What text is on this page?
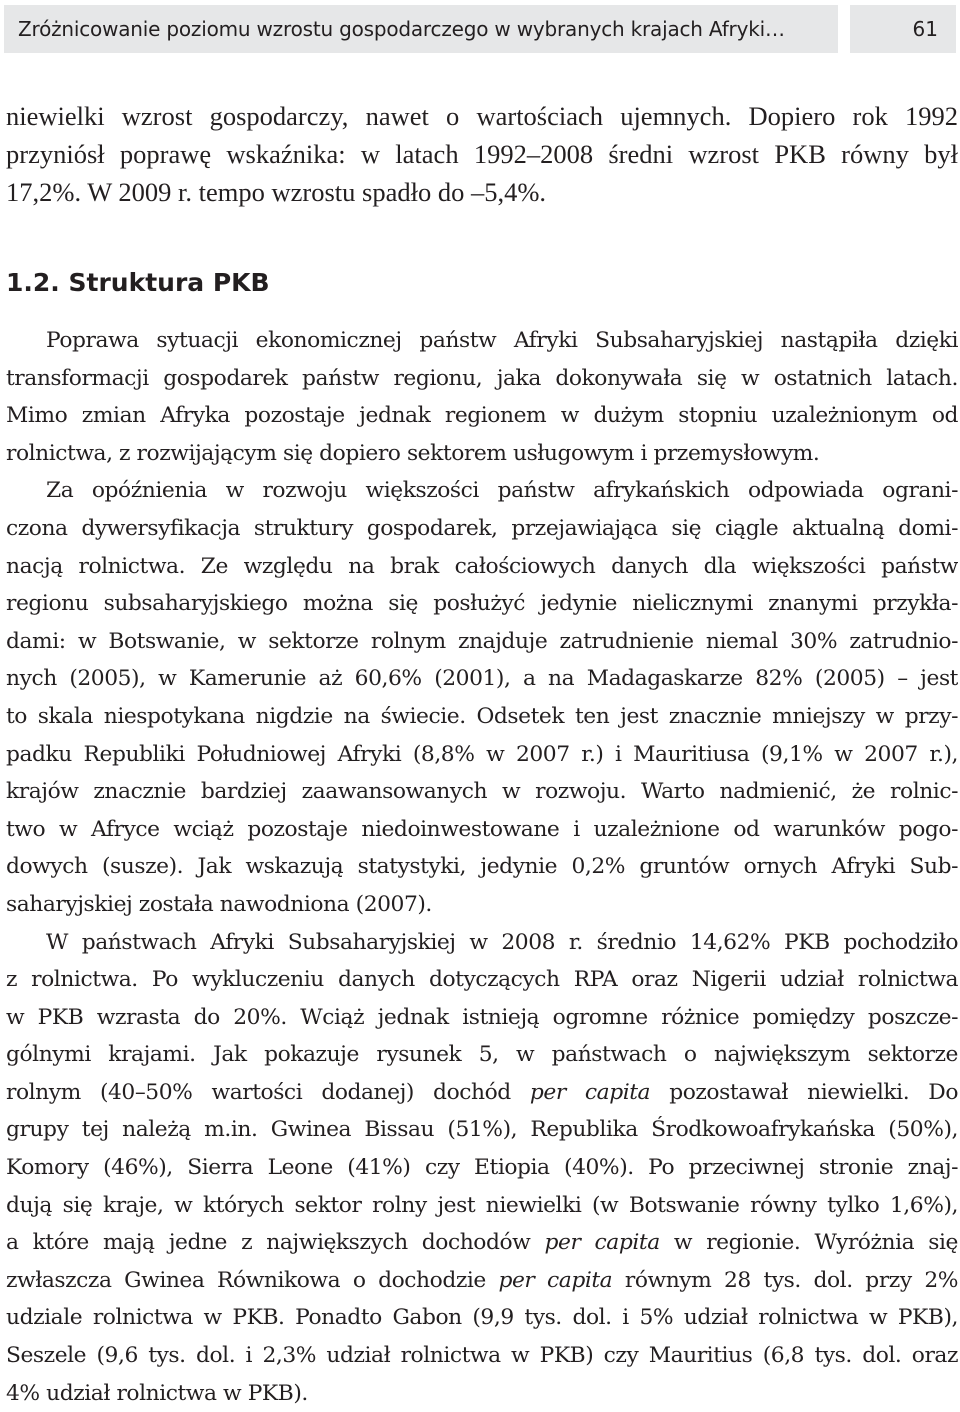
Zróżnicowanie poziomu wzrostu gospodarczego w wybranych krajach Afryki…	61
niewielki wzrost gospodarczy, nawet o wartościach ujemnych. Dopiero rok 1992
przyniósł poprawę wskaźnika: w latach 1992–2008 średni wzrost PKB równy był
17,2%. W 2009 r. tempo wzrostu spadło do –5,4%.
1.2. Struktura PKB
Poprawa sytuacji ekonomicznej państw Afryki Subsaharyjskiej nastąpiła dzięki
transformacji gospodarek państw regionu, jaka dokonywała się w ostatnich latach.
Mimo zmian Afryka pozostaje jednak regionem w dużym stopniu uzależnionym od
rolnictwa, z rozwijającym się dopiero sektorem usługowym i przemysłowym.
Za opóźnienia w rozwoju większości państw afrykańskich odpowiada ograni-
czona dywersyfikacja struktury gospodarek, przejawiająca się ciągle aktualną domi-
nacją rolnictwa. Ze względu na brak całościowych danych dla większości państw
regionu subsaharyjskiego można się posłużyć jedynie nielicznymi znanymi przykła-
dami: w Botswanie, w sektorze rolnym znajduje zatrudnienie niemal 30% zatrudnio-
nych (2005), w Kamerunie aż 60,6% (2001), a na Madagaskarze 82% (2005) – jest
to skala niespotykana nigdzie na świecie. Odsetek ten jest znacznie mniejszy w przy-
padku Republiki Południowej Afryki (8,8% w 2007 r.) i Mauritiusa (9,1% w 2007 r.),
krajów znacznie bardziej zaawansowanych w rozwoju. Warto nadmienić, że rolnic-
two w Afryce wciąż pozostaje niedoinwestowane i uzależnione od warunków pogo-
dowych (susze). Jak wskazują statystyki, jedynie 0,2% gruntów ornych Afryki Sub-
saharyjskiej została nawodniona (2007).
W państwach Afryki Subsaharyjskiej w 2008 r. średnio 14,62% PKB pochodziło
z rolnictwa. Po wykluczeniu danych dotyczących RPA oraz Nigerii udział rolnictwa
w PKB wzrasta do 20%. Wciąż jednak istnieją ogromne różnice pomiędzy poszcze-
gólnymi krajami. Jak pokazuje rysunek 5, w państwach o największym sektorze
rolnym (40–50% wartości dodanej) dochód per capita pozostawał niewielki. Do
grupy tej należą m.in. Gwinea Bissau (51%), Republika Środkowoafrykańska (50%),
Komory (46%), Sierra Leone (41%) czy Etiopia (40%). Po przeciwnej stronie znaj-
dują się kraje, w których sektor rolny jest niewielki (w Botswanie równy tylko 1,6%),
a które mają jedne z największych dochodów per capita w regionie. Wyróżnia się
zwłaszcza Gwinea Równikowa o dochodzie per capita równym 28 tys. dol. przy 2%
udziale rolnictwa w PKB. Ponadto Gabon (9,9 tys. dol. i 5% udział rolnictwa w PKB),
Seszele (9,6 tys. dol. i 2,3% udział rolnictwa w PKB) czy Mauritius (6,8 tys. dol. oraz
4% udział rolnictwa w PKB).
